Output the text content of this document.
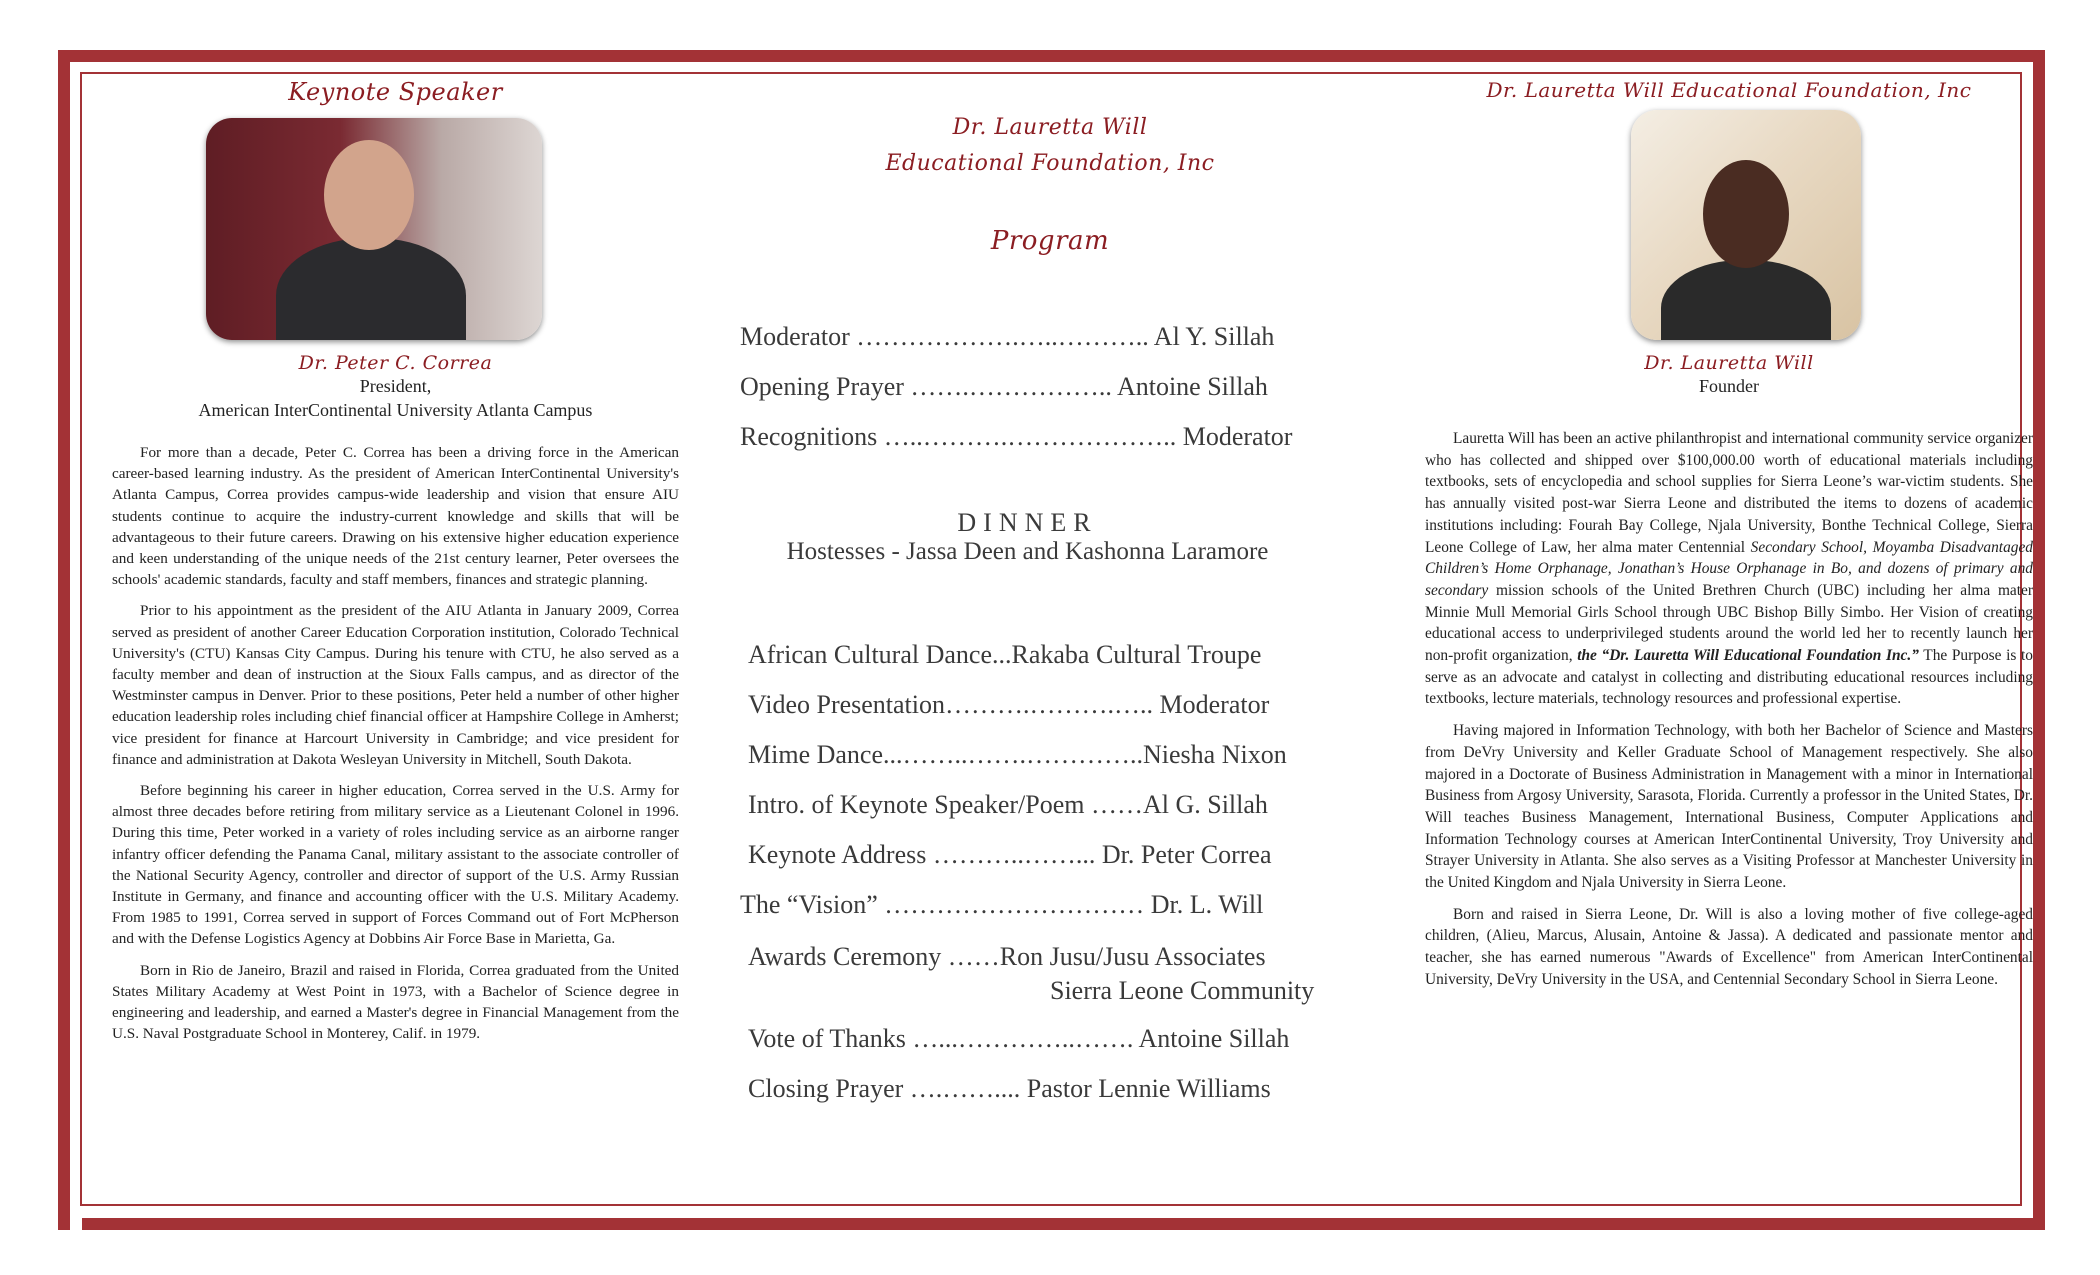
Keynote Speaker
Dr. Peter C. Correa
President,
American InterContinental University Atlanta Campus

For more than a decade, Peter C. Correa has been a driving force in the American career-based learning industry. As the president of American InterContinental University's Atlanta Campus, Correa provides campus-wide leadership and vision that ensure AIU students continue to acquire the industry-current knowledge and skills that will be advantageous to their future careers. Drawing on his extensive higher education experience and keen understanding of the unique needs of the 21st century learner, Peter oversees the schools' academic standards, faculty and staff members, finances and strategic planning.

Prior to his appointment as the president of the AIU Atlanta in January 2009, Correa served as president of another Career Education Corporation institution, Colorado Technical University's (CTU) Kansas City Campus. During his tenure with CTU, he also served as a faculty member and dean of instruction at the Sioux Falls campus, and as director of the Westminster campus in Denver. Prior to these positions, Peter held a number of other higher education leadership roles including chief financial officer at Hampshire College in Amherst; vice president for finance at Harcourt University in Cambridge; and vice president for finance and administration at Dakota Wesleyan University in Mitchell, South Dakota.

Before beginning his career in higher education, Correa served in the U.S. Army for almost three decades before retiring from military service as a Lieutenant Colonel in 1996. During this time, Peter worked in a variety of roles including service as an airborne ranger infantry officer defending the Panama Canal, military assistant to the associate controller of the National Security Agency, controller and director of support of the U.S. Army Russian Institute in Germany, and finance and accounting officer with the U.S. Military Academy. From 1985 to 1991, Correa served in support of Forces Command out of Fort McPherson and with the Defense Logistics Agency at Dobbins Air Force Base in Marietta, Ga.

Born in Rio de Janeiro, Brazil and raised in Florida, Correa graduated from the United States Military Academy at West Point in 1973, with a Bachelor of Science degree in engineering and leadership, and earned a Master's degree in Financial Management from the U.S. Naval Postgraduate School in Monterey, Calif. in 1979.

Dr. Lauretta Will
Educational Foundation, Inc
Program
Moderator ……………….…..……….. Al Y. Sillah
Opening Prayer …….…………….. Antoine Sillah
Recognitions …..……….……………….. Moderator
DINNER
Hostesses - Jassa Deen and Kashonna Laramore
African Cultural Dance...Rakaba Cultural Troupe
Video Presentation……….……….….. Moderator
Mime Dance...……..…….…………..Niesha Nixon
Intro. of Keynote Speaker/Poem ……Al G. Sillah
Keynote Address ………..……... Dr. Peter Correa
The “Vision” ………………………… Dr. L. Will
Awards Ceremony ……Ron Jusu/Jusu Associates
Sierra Leone Community
Vote of Thanks …...…………..……. Antoine Sillah
Closing Prayer ….…….... Pastor Lennie Williams
Dr. Lauretta Will Educational Foundation, Inc
Dr. Lauretta Will
Founder

Lauretta Will has been an active philanthropist and international community service organizer who has collected and shipped over $100,000.00 worth of educational materials including textbooks, sets of encyclopedia and school supplies for Sierra Leone’s war-victim students. She has annually visited post-war Sierra Leone and distributed the items to dozens of academic institutions including: Fourah Bay College, Njala University, Bonthe Technical College, Sierra Leone College of Law, her alma mater Centennial Secondary School, Moyamba Disadvantaged Children’s Home Orphanage, Jonathan’s House Orphanage in Bo, and dozens of primary and secondary mission schools of the United Brethren Church (UBC) including her alma mater Minnie Mull Memorial Girls School through UBC Bishop Billy Simbo. Her Vision of creating educational access to underprivileged students around the world led her to recently launch her non-profit organization, the “Dr. Lauretta Will Educational Foundation Inc.” The Purpose is to serve as an advocate and catalyst in collecting and distributing educational resources including textbooks, lecture materials, technology resources and professional expertise.

Having majored in Information Technology, with both her Bachelor of Science and Masters from DeVry University and Keller Graduate School of Management respectively. She also majored in a Doctorate of Business Administration in Management with a minor in International Business from Argosy University, Sarasota, Florida. Currently a professor in the United States, Dr. Will teaches Business Management, International Business, Computer Applications and Information Technology courses at American InterContinental University, Troy University and Strayer University in Atlanta. She also serves as a Visiting Professor at Manchester University in the United Kingdom and Njala University in Sierra Leone.

Born and raised in Sierra Leone, Dr. Will is also a loving mother of five college-aged children, (Alieu, Marcus, Alusain, Antoine & Jassa). A dedicated and passionate mentor and teacher, she has earned numerous "Awards of Excellence" from American InterContinental University, DeVry University in the USA, and Centennial Secondary School in Sierra Leone.
